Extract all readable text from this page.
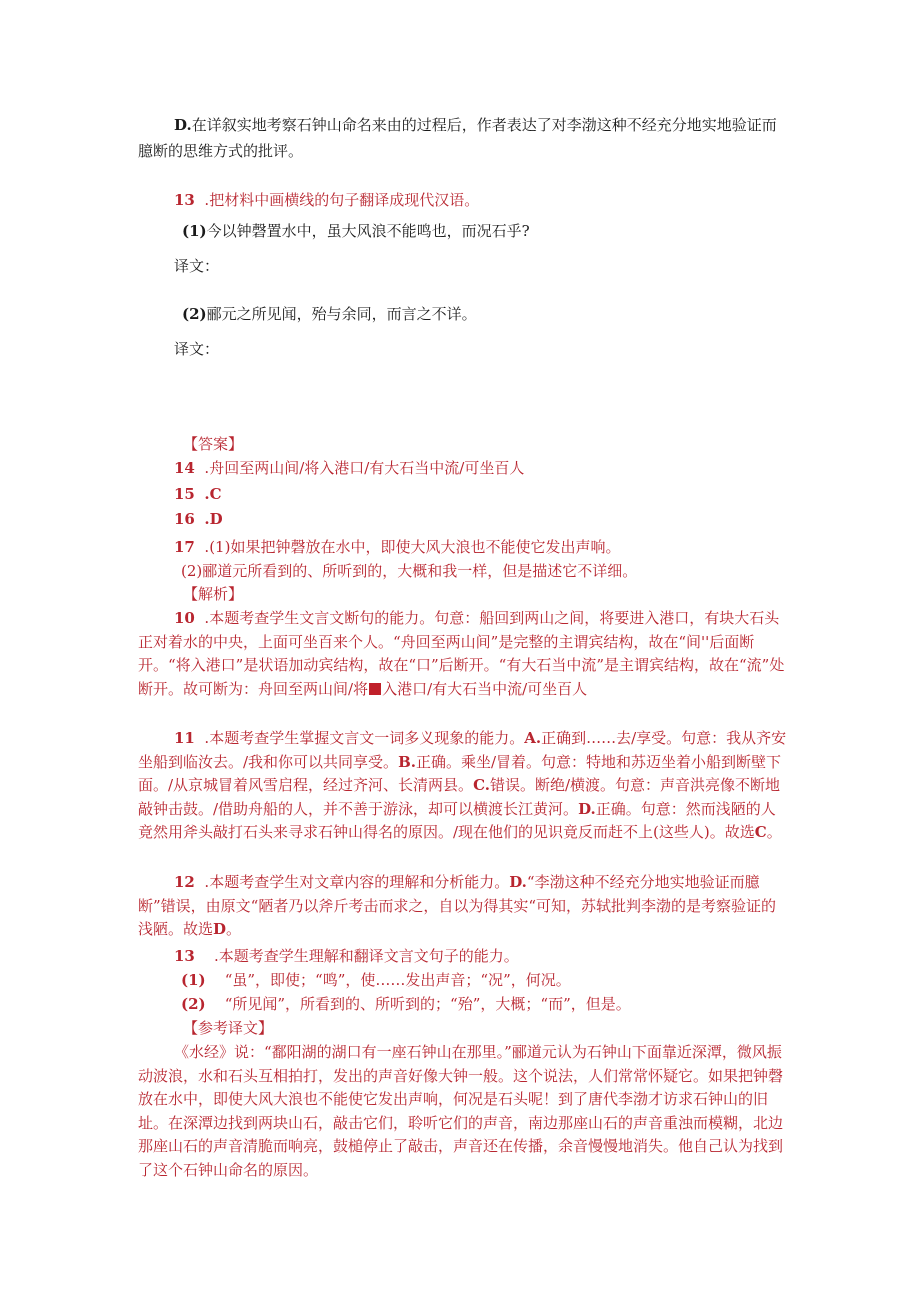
D.在详叙实地考察石钟山命名来由的过程后，作者表达了对李渤这种不经充分地实地验证而臆断的思维方式的批评。

13 .把材料中画横线的句子翻译成现代汉语。

(1)今以钟磬置水中，虽大风浪不能鸣也，而况石乎?

译文：

(2)郦元之所见闻，殆与余同，而言之不详。

译文：

【答案】

14 .舟回至两山间/将入港口/有大石当中流/可坐百人

15 .C

16 .D

17 .(1)如果把钟磬放在水中，即使大风大浪也不能使它发出声响。

(2)郦道元所看到的、所听到的，大概和我一样，但是描述它不详细。

【解析】

10 .本题考查学生文言文断句的能力。句意：船回到两山之间，将要进入港口，有块大石头正对着水的中央，上面可坐百来个人。“舟回至两山间”是完整的主谓宾结构，故在“间''后面断开。“将入港口”是状语加动宾结构，故在“口”后断开。“有大石当中流”是主谓宾结构，故在“流”处断开。故可断为：舟回至两山间/将 入港口/有大石当中流/可坐百人

11 .本题考查学生掌握文言文一词多义现象的能力。A.正确到……去/享受。句意：我从齐安坐船到临汝去。/我和你可以共同享受。B.正确。乘坐/冒着。句意：特地和苏迈坐着小船到断壁下面。/从京城冒着风雪启程，经过齐河、长清两县。C.错误。断绝/横渡。句意：声音洪亮像不断地敲钟击鼓。/借助舟船的人，并不善于游泳，却可以横渡长江黄河。D.正确。句意：然而浅陋的人竟然用斧头敲打石头来寻求石钟山得名的原因。/现在他们的见识竟反而赶不上(这些人)。故选C。

12 .本题考查学生对文章内容的理解和分析能力。D.“李渤这种不经充分地实地验证而臆断”错误，由原文“陋者乃以斧斤考击而求之，自以为得其实“可知，苏轼批判李渤的是考察验证的浅陋。故选D。

13 .本题考查学生理解和翻译文言文句子的能力。

(1) “虽”，即使；“鸣”，使……发出声音；“况”，何况。

(2) “所见闻”，所看到的、所听到的；“殆”，大概；“而”，但是。

【参考译文】

《水经》说：“鄱阳湖的湖口有一座石钟山在那里。”郦道元认为石钟山下面靠近深潭，微风振动波浪，水和石头互相拍打，发出的声音好像大钟一般。这个说法，人们常常怀疑它。如果把钟磬放在水中，即使大风大浪也不能使它发出声响，何况是石头呢！到了唐代李渤才访求石钟山的旧址。在深潭边找到两块山石，敲击它们，聆听它们的声音，南边那座山石的声音重浊而模糊，北边那座山石的声音清脆而响亮，鼓槌停止了敲击，声音还在传播，余音慢慢地消失。他自己认为找到了这个石钟山命名的原因。
